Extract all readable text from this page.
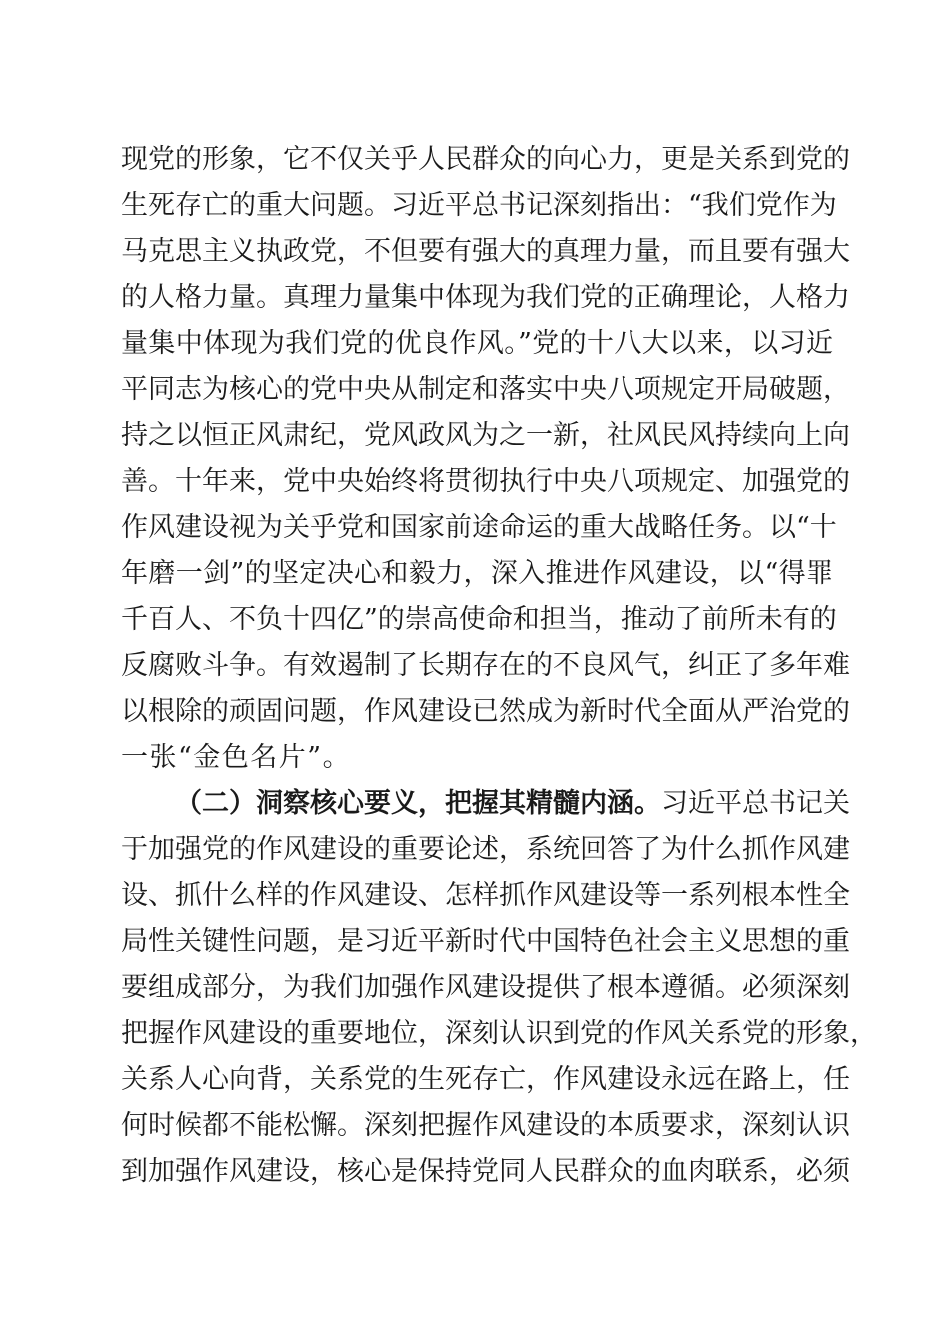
现党的形象，它不仅关乎人民群众的向心力，更是关系到党的
生死存亡的重大问题。习近平总书记深刻指出：“我们党作为
马克思主义执政党，不但要有强大的真理力量，而且要有强大
的人格力量。真理力量集中体现为我们党的正确理论，人格力
量集中体现为我们党的优良作风。”党的十八大以来，以习近
平同志为核心的党中央从制定和落实中央八项规定开局破题，
持之以恒正风肃纪，党风政风为之一新，社风民风持续向上向
善。十年来，党中央始终将贯彻执行中央八项规定、加强党的
作风建设视为关乎党和国家前途命运的重大战略任务。以“十
年磨一剑”的坚定决心和毅力，深入推进作风建设，以“得罪
千百人、不负十四亿”的崇高使命和担当，推动了前所未有的
反腐败斗争。有效遏制了长期存在的不良风气，纠正了多年难
以根除的顽固问题，作风建设已然成为新时代全面从严治党的
一张“金色名片”。
（二）洞察核心要义，把握其精髓内涵。习近平总书记关
于加强党的作风建设的重要论述，系统回答了为什么抓作风建
设、抓什么样的作风建设、怎样抓作风建设等一系列根本性全
局性关键性问题，是习近平新时代中国特色社会主义思想的重
要组成部分，为我们加强作风建设提供了根本遵循。必须深刻
把握作风建设的重要地位，深刻认识到党的作风关系党的形象，
关系人心向背，关系党的生死存亡，作风建设永远在路上，任
何时候都不能松懈。深刻把握作风建设的本质要求，深刻认识
到加强作风建设，核心是保持党同人民群众的血肉联系，必须
